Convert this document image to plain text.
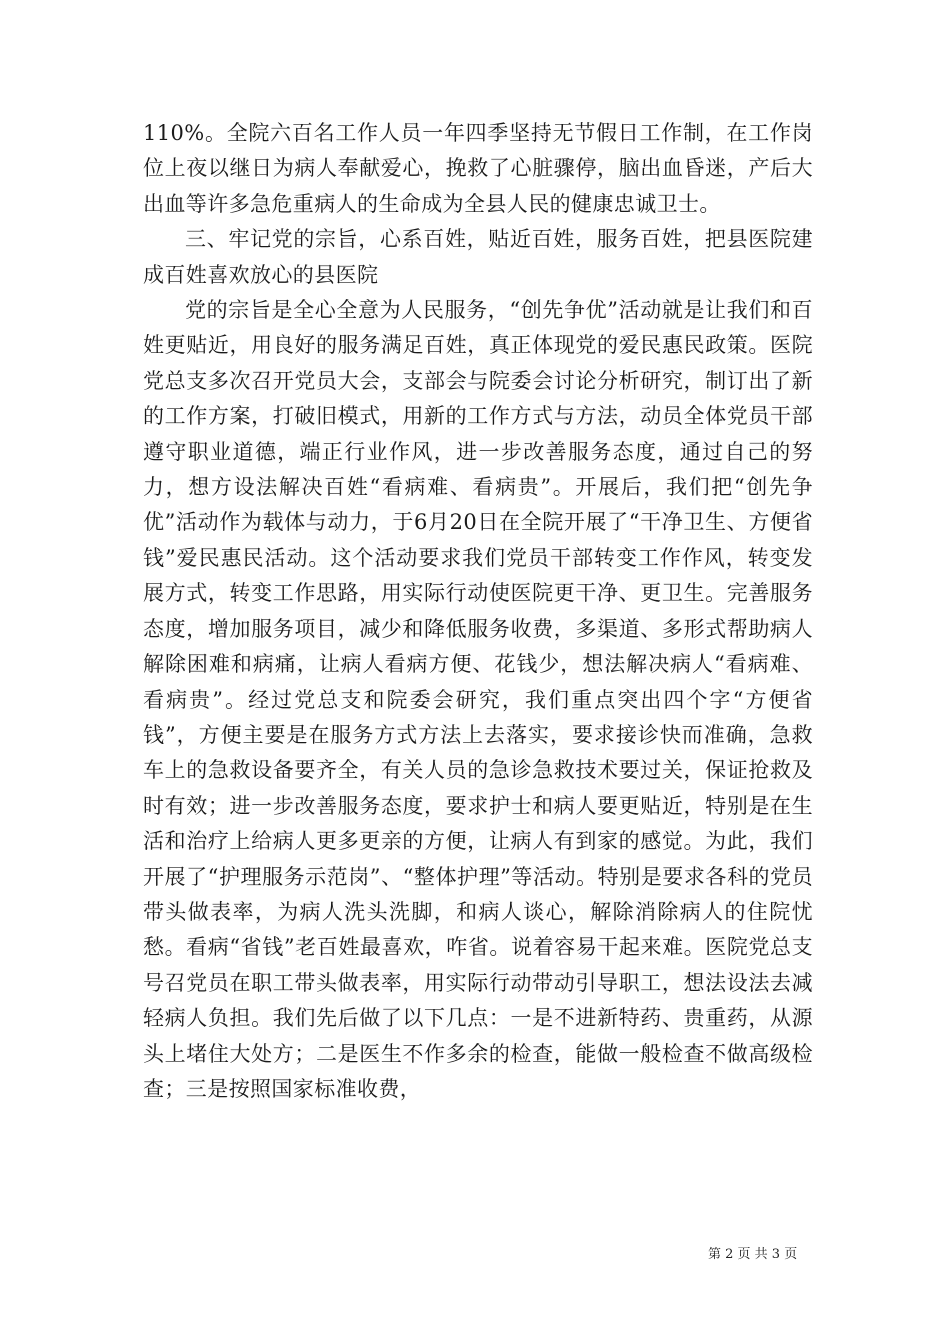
110%。全院六百名工作人员一年四季坚持无节假日工作制，在工作岗位上夜以继日为病人奉献爱心，挽救了心脏骤停，脑出血昏迷，产后大出血等许多急危重病人的生命成为全县人民的健康忠诚卫士。

三、牢记党的宗旨，心系百姓，贴近百姓，服务百姓，把县医院建成百姓喜欢放心的县医院

党的宗旨是全心全意为人民服务，“创先争优”活动就是让我们和百姓更贴近，用良好的服务满足百姓，真正体现党的爱民惠民政策。医院党总支多次召开党员大会，支部会与院委会讨论分析研究，制订出了新的工作方案，打破旧模式，用新的工作方式与方法，动员全体党员干部遵守职业道德，端正行业作风，进一步改善服务态度，通过自己的努力，想方设法解决百姓“看病难、看病贵”。开展后，我们把“创先争优”活动作为载体与动力，于6月20日在全院开展了“干净卫生、方便省钱”爱民惠民活动。这个活动要求我们党员干部转变工作作风，转变发展方式，转变工作思路，用实际行动使医院更干净、更卫生。完善服务态度，增加服务项目，减少和降低服务收费，多渠道、多形式帮助病人解除困难和病痛，让病人看病方便、花钱少，想法解决病人“看病难、看病贵”。经过党总支和院委会研究，我们重点突出四个字“方便省钱”，方便主要是在服务方式方法上去落实，要求接诊快而准确，急救车上的急救设备要齐全，有关人员的急诊急救技术要过关，保证抢救及时有效；进一步改善服务态度，要求护士和病人要更贴近，特别是在生活和治疗上给病人更多更亲的方便，让病人有到家的感觉。为此，我们开展了“护理服务示范岗”、“整体护理”等活动。特别是要求各科的党员带头做表率，为病人洗头洗脚，和病人谈心，解除消除病人的住院忧愁。看病“省钱”老百姓最喜欢，咋省。说着容易干起来难。医院党总支号召党员在职工带头做表率，用实际行动带动引导职工，想法设法去减轻病人负担。我们先后做了以下几点：一是不进新特药、贵重药，从源头上堵住大处方；二是医生不作多余的检查，能做一般检查不做高级检查；三是按照国家标准收费，

第 2 页 共 3 页
